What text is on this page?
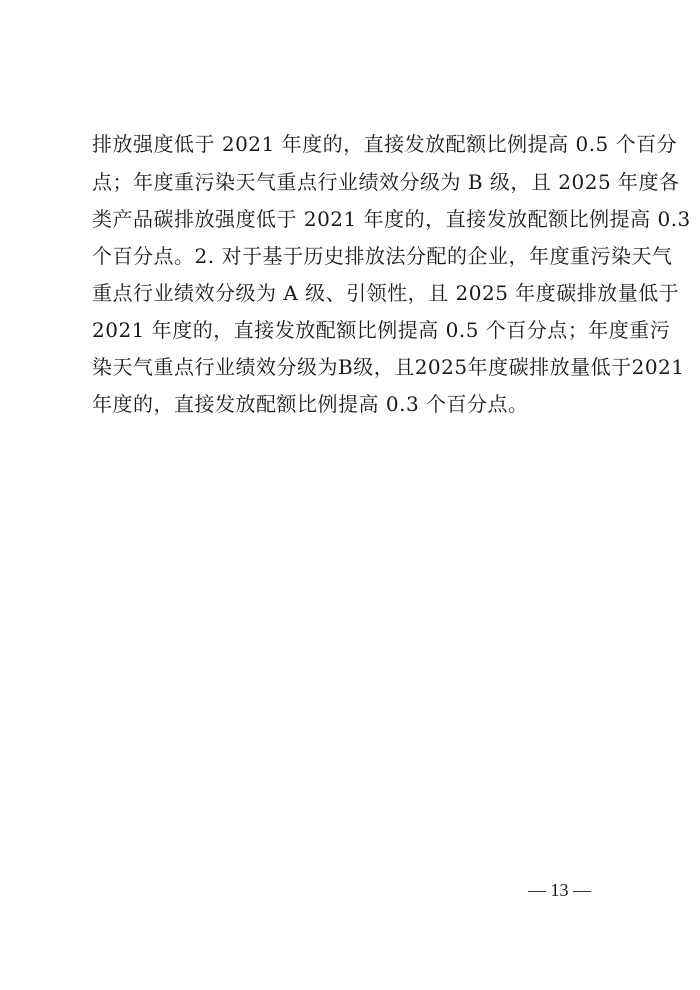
排放强度低于 2021 年度的，直接发放配额比例提高 0.5 个百分
点；年度重污染天气重点行业绩效分级为 B 级，且 2025 年度各
类产品碳排放强度低于 2021 年度的，直接发放配额比例提高 0.3
个百分点。2. 对于基于历史排放法分配的企业，年度重污染天气
重点行业绩效分级为 A 级、引领性，且 2025 年度碳排放量低于
2021 年度的，直接发放配额比例提高 0.5 个百分点；年度重污
染天气重点行业绩效分级为B级，且2025年度碳排放量低于2021
年度的，直接发放配额比例提高 0.3 个百分点。
— 13 —
